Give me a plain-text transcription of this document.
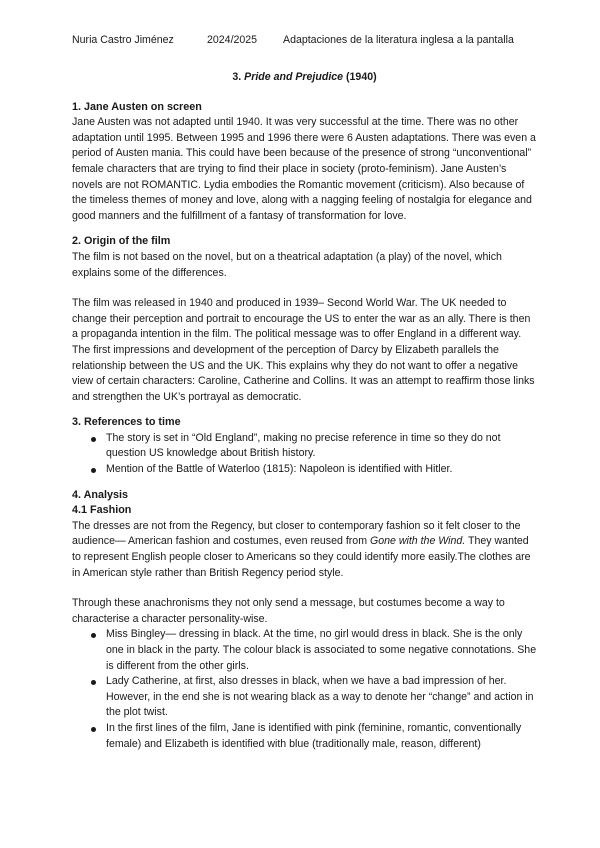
Nuria Castro Jiménez	2024/2025 Adaptaciones de la literatura inglesa a la pantalla
3. Pride and Prejudice (1940)
1. Jane Austen on screen

Jane Austen was not adapted until 1940. It was very successful at the time. There was no other adaptation until 1995. Between 1995 and 1996 there were 6 Austen adaptations. There was even a period of Austen mania. This could have been because of the presence of strong “unconventional” female characters that are trying to find their place in society (proto-feminism). Jane Austen’s novels are not ROMANTIC. Lydia embodies the Romantic movement (criticism). Also because of the timeless themes of money and love, along with a nagging feeling of nostalgia for elegance and good manners and the fulfillment of a fantasy of transformation for love.

2. Origin of the film

The film is not based on the novel, but on a theatrical adaptation (a play) of the novel, which explains some of the differences.

The film was released in 1940 and produced in 1939– Second World War. The UK needed to change their perception and portrait to encourage the US to enter the war as an ally. There is then a propaganda intention in the film. The political message was to offer England in a different way. The first impressions and development of the perception of Darcy by Elizabeth parallels the relationship between the US and the UK. This explains why they do not want to offer a negative view of certain characters: Caroline, Catherine and Collins. It was an attempt to reaffirm those links and strengthen the UK’s portrayal as democratic.

3. References to time
The story is set in “Old England”, making no precise reference in time so they do not question US knowledge about British history.
Mention of the Battle of Waterloo (1815): Napoleon is identified with Hitler.
4. Analysis
4.1 Fashion

The dresses are not from the Regency, but closer to contemporary fashion so it felt closer to the audience— American fashion and costumes, even reused from Gone with the Wind. They wanted to represent English people closer to Americans so they could identify more easily.The clothes are in American style rather than British Regency period style.

Through these anachronisms they not only send a message, but costumes become a way to characterise a character personality-wise.

Miss Bingley— dressing in black. At the time, no girl would dress in black. She is the only one in black in the party. The colour black is associated to some negative connotations. She is different from the other girls.
Lady Catherine, at first, also dresses in black, when we have a bad impression of her. However, in the end she is not wearing black as a way to denote her “change” and action in the plot twist.
In the first lines of the film, Jane is identified with pink (feminine, romantic, conventionally female) and Elizabeth is identified with blue (traditionally male, reason, different)
